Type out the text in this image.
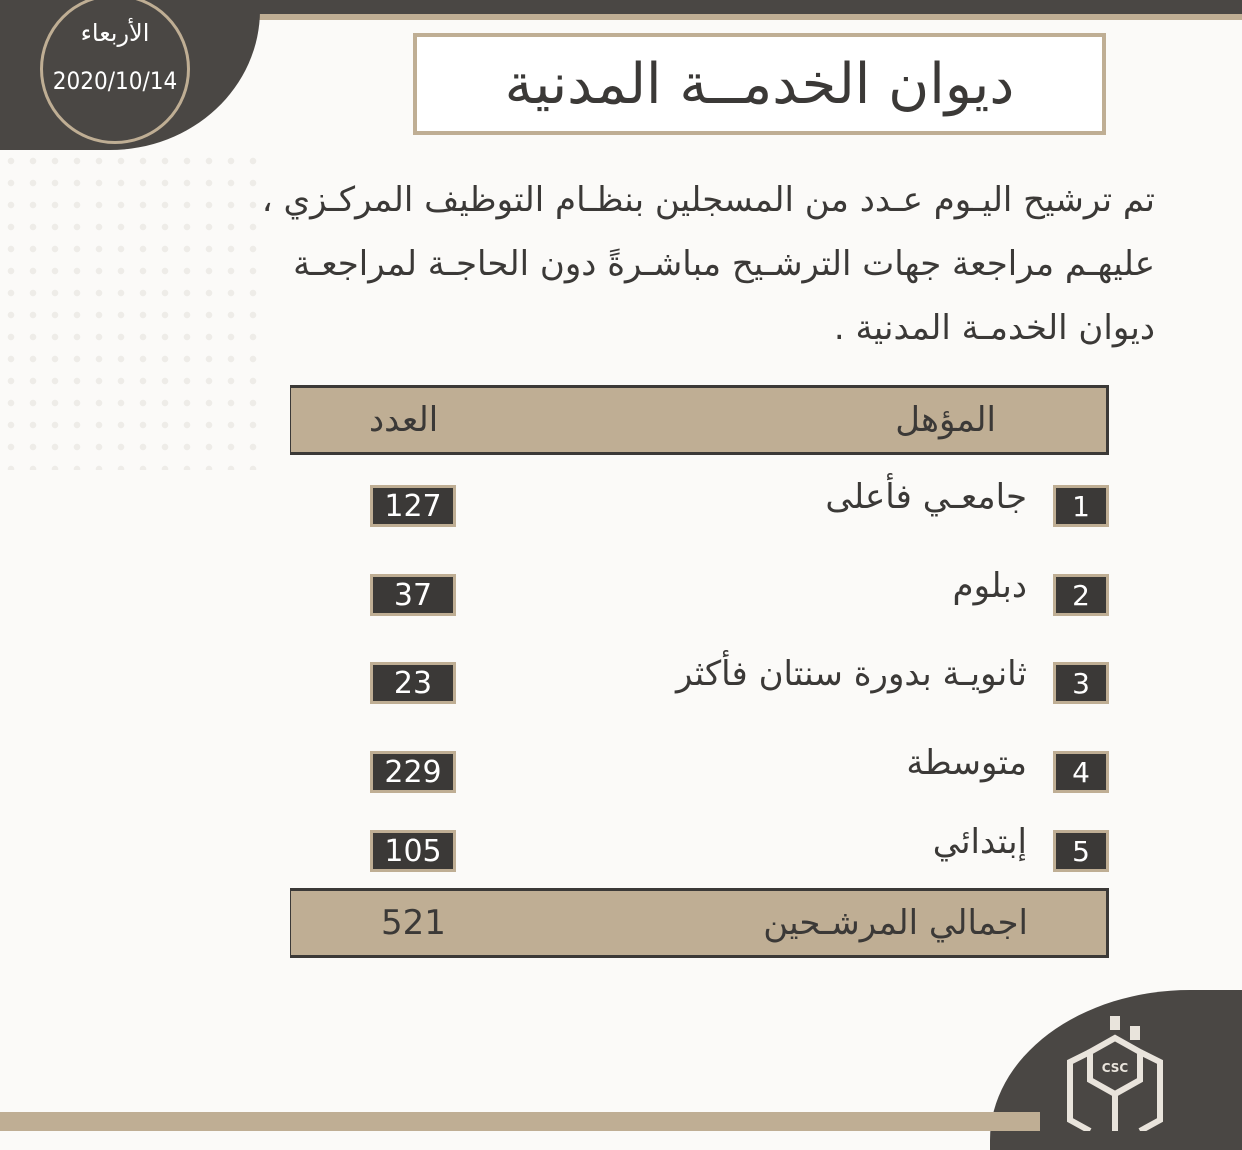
الأربعاء
2020/10/14	ديوان الخدمــة المدنية
تم ترشيح اليـوم عـدد من المسجلين بنظـام التوظيف المركـزي ، عليهـم مراجعة جهات الترشـيح مباشـرةً دون الحاجـة لمراجعـة ديوان الخدمـة المدنية .
المؤهل
العدد
1
جامعـي فأعلى
127
2
دبلوم
37
3
ثانويـة بدورة سنتان فأكثر
23
4
متوسطة
229
5
إبتدائي
105
اجمالي المرشـحين
521
CSC
